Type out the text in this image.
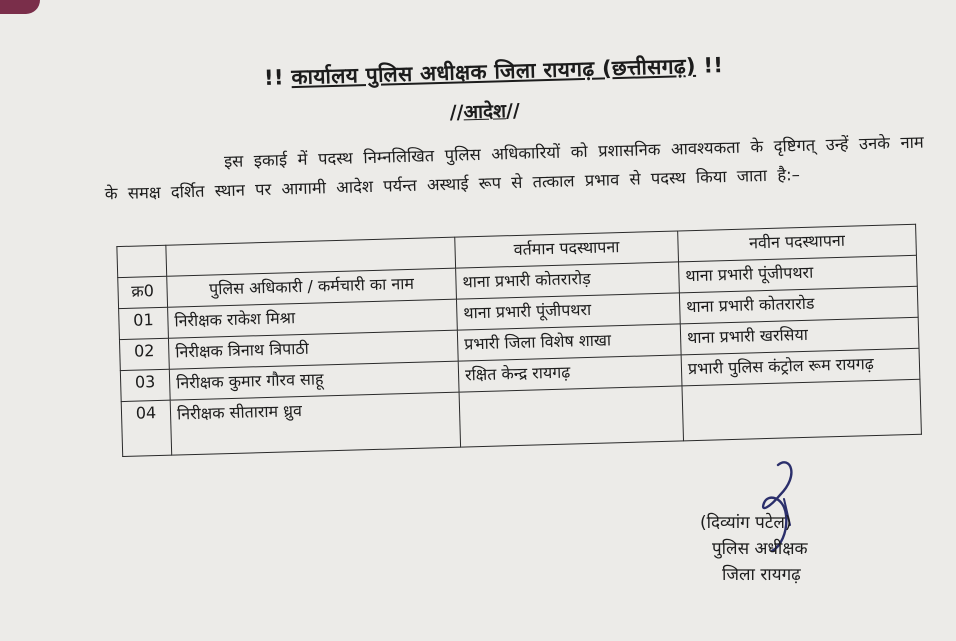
!! कार्यालय पुलिस अधीक्षक जिला रायगढ़ (छत्तीसगढ़) !!
//आदेश//
इस इकाई में पदस्थ निम्नलिखित पुलिस अधिकारियों को प्रशासनिक आवश्यकता के दृष्टिगत् उन्हें उनके नाम के समक्ष दर्शित स्थान पर आगामी आदेश पर्यन्त अस्थाई रूप से तत्काल प्रभाव से पदस्थ किया जाता है:–
		वर्तमान पदस्थापना	नवीन पदस्थापना
क्र0	पुलिस अधिकारी / कर्मचारी का नाम	थाना प्रभारी कोतरारोड़	थाना प्रभारी पूंजीपथरा
01	निरीक्षक राकेश मिश्रा	थाना प्रभारी पूंजीपथरा	थाना प्रभारी कोतरारोड
02	निरीक्षक त्रिनाथ त्रिपाठी	प्रभारी जिला विशेष शाखा	थाना प्रभारी खरसिया
03	निरीक्षक कुमार गौरव साहू	रक्षित केन्द्र रायगढ़	प्रभारी पुलिस कंट्रोल रूम रायगढ़
04	निरीक्षक सीताराम ध्रुव		
(दिव्यांग पटेल)
पुलिस अधीक्षक
जिला रायगढ़
